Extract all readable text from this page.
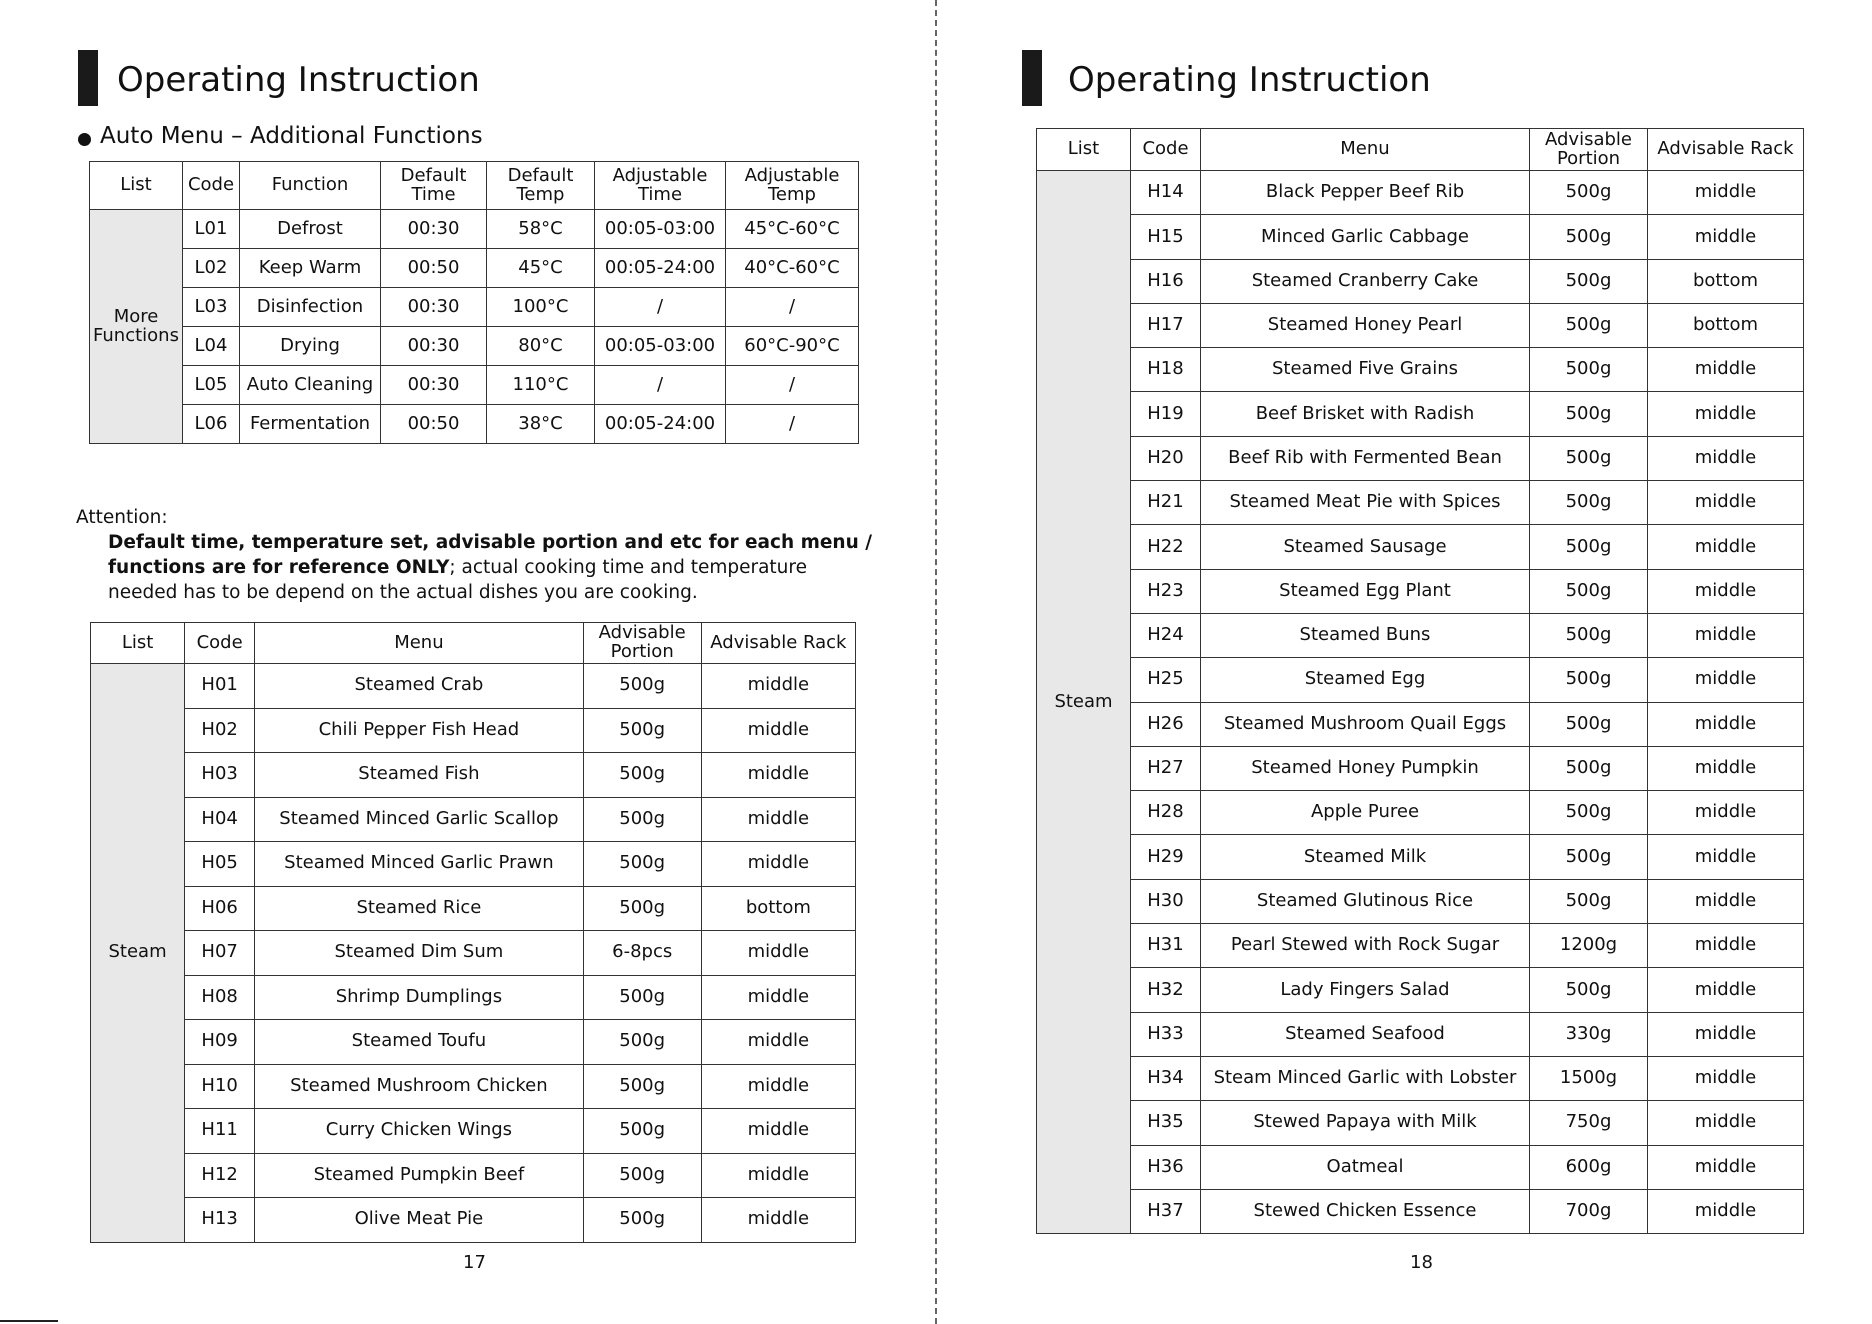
Operating Instruction
Auto Menu – Additional Functions
List	Code	Function	Default Time	Default Temp	Adjustable Time	Adjustable Temp
More Functions	L01	Defrost	00:30	58°C	00:05-03:00	45°C-60°C
	L02	Keep Warm	00:50	45°C	00:05-24:00	40°C-60°C
	L03	Disinfection	00:30	100°C	/	/
	L04	Drying	00:30	80°C	00:05-03:00	60°C-90°C
	L05	Auto Cleaning	00:30	110°C	/	/
	L06	Fermentation	00:50	38°C	00:05-24:00	/
Attention:
Default time, temperature set, advisable portion and etc for each menu / functions are for reference ONLY; actual cooking time and temperature needed has to be depend on the actual dishes you are cooking.
List	Code	Menu	Advisable Portion	Advisable Rack
Steam	H01	Steamed Crab	500g	middle
	H02	Chili Pepper Fish Head	500g	middle
	H03	Steamed Fish	500g	middle
	H04	Steamed Minced Garlic Scallop	500g	middle
	H05	Steamed Minced Garlic Prawn	500g	middle
	H06	Steamed Rice	500g	bottom
	H07	Steamed Dim Sum	6-8pcs	middle
	H08	Shrimp Dumplings	500g	middle
	H09	Steamed Toufu	500g	middle
	H10	Steamed Mushroom Chicken	500g	middle
	H11	Curry Chicken Wings	500g	middle
	H12	Steamed Pumpkin Beef	500g	middle
	H13	Olive Meat Pie	500g	middle
17
Operating Instruction
List	Code	Menu	Advisable Portion	Advisable Rack
Steam	H14	Black Pepper Beef Rib	500g	middle
	H15	Minced Garlic Cabbage	500g	middle
	H16	Steamed Cranberry Cake	500g	bottom
	H17	Steamed Honey Pearl	500g	bottom
	H18	Steamed Five Grains	500g	middle
	H19	Beef Brisket with Radish	500g	middle
	H20	Beef Rib with Fermented Bean	500g	middle
	H21	Steamed Meat Pie with Spices	500g	middle
	H22	Steamed Sausage	500g	middle
	H23	Steamed Egg Plant	500g	middle
	H24	Steamed Buns	500g	middle
	H25	Steamed Egg	500g	middle
	H26	Steamed Mushroom Quail Eggs	500g	middle
	H27	Steamed Honey Pumpkin	500g	middle
	H28	Apple Puree	500g	middle
	H29	Steamed Milk	500g	middle
	H30	Steamed Glutinous Rice	500g	middle
	H31	Pearl Stewed with Rock Sugar	1200g	middle
	H32	Lady Fingers Salad	500g	middle
	H33	Steamed Seafood	330g	middle
	H34	Steam Minced Garlic with Lobster	1500g	middle
	H35	Stewed Papaya with Milk	750g	middle
	H36	Oatmeal	600g	middle
	H37	Stewed Chicken Essence	700g	middle
18
